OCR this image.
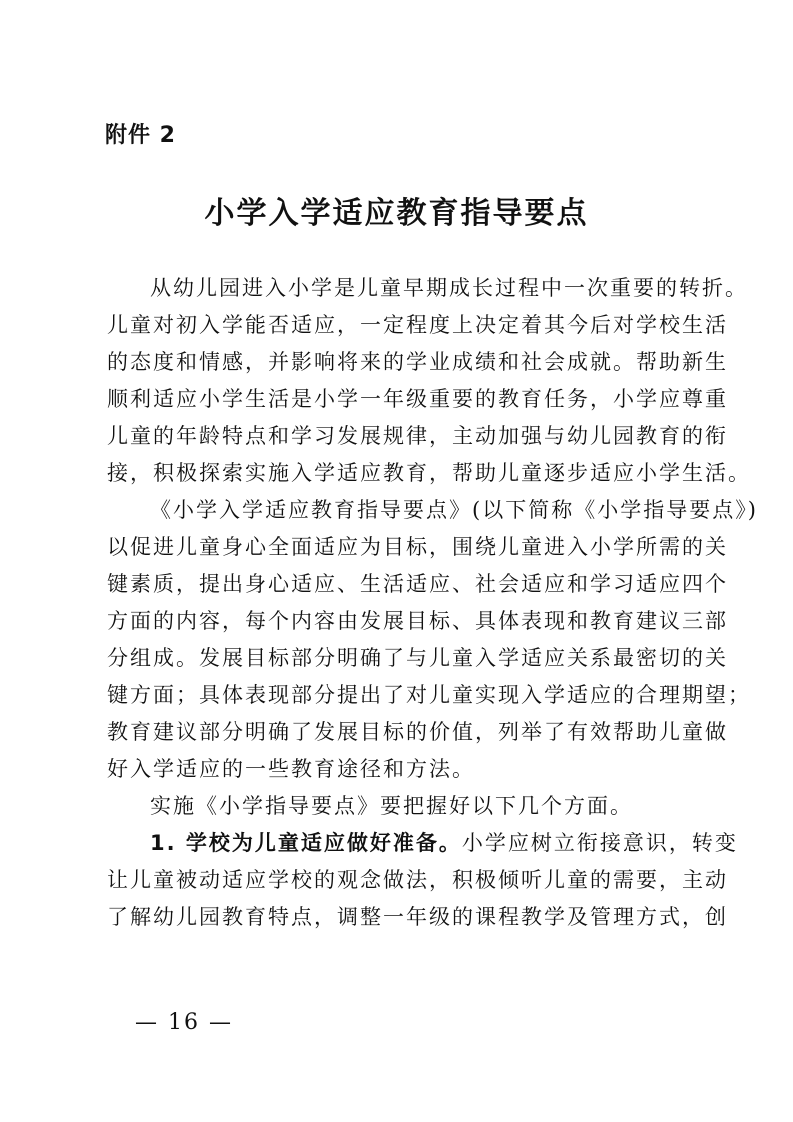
附件 2
小学入学适应教育指导要点
从幼儿园进入小学是儿童早期成长过程中一次重要的转折。
儿童对初入学能否适应，一定程度上决定着其今后对学校生活
的态度和情感，并影响将来的学业成绩和社会成就。帮助新生
顺利适应小学生活是小学一年级重要的教育任务，小学应尊重
儿童的年龄特点和学习发展规律，主动加强与幼儿园教育的衔
接，积极探索实施入学适应教育，帮助儿童逐步适应小学生活。
《小学入学适应教育指导要点》(以下简称《小学指导要点》)
以促进儿童身心全面适应为目标，围绕儿童进入小学所需的关
键素质，提出身心适应、生活适应、社会适应和学习适应四个
方面的内容，每个内容由发展目标、具体表现和教育建议三部
分组成。发展目标部分明确了与儿童入学适应关系最密切的关
键方面；具体表现部分提出了对儿童实现入学适应的合理期望；
教育建议部分明确了发展目标的价值，列举了有效帮助儿童做
好入学适应的一些教育途径和方法。
实施《小学指导要点》要把握好以下几个方面。
1. 学校为儿童适应做好准备。小学应树立衔接意识，转变
让儿童被动适应学校的观念做法，积极倾听儿童的需要，主动
了解幼儿园教育特点，调整一年级的课程教学及管理方式，创
— 16 —
